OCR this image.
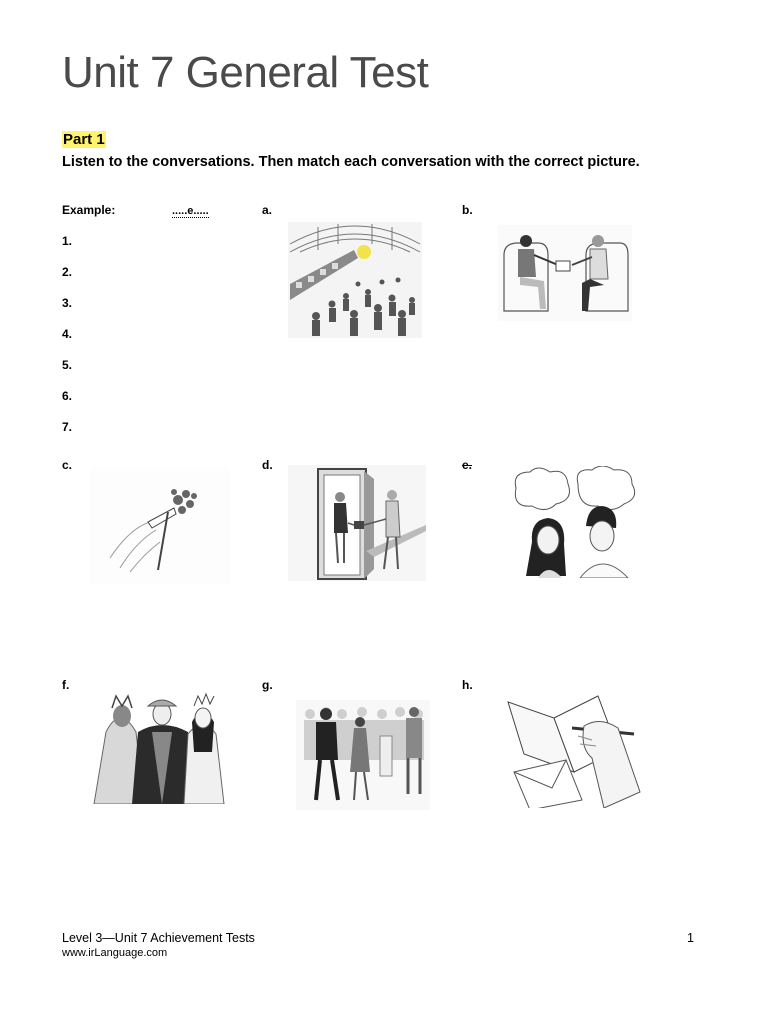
Unit 7 General Test
Part 1
Listen to the conversations. Then match each conversation with the correct picture.
Example:	.....e.....
1.
2.
3.
4.
5.
6.
7.
a.	b.
c.	d.	e.
f.	g.	h.
Level 3—Unit 7 Achievement Tests
www.irLanguage.com
1
